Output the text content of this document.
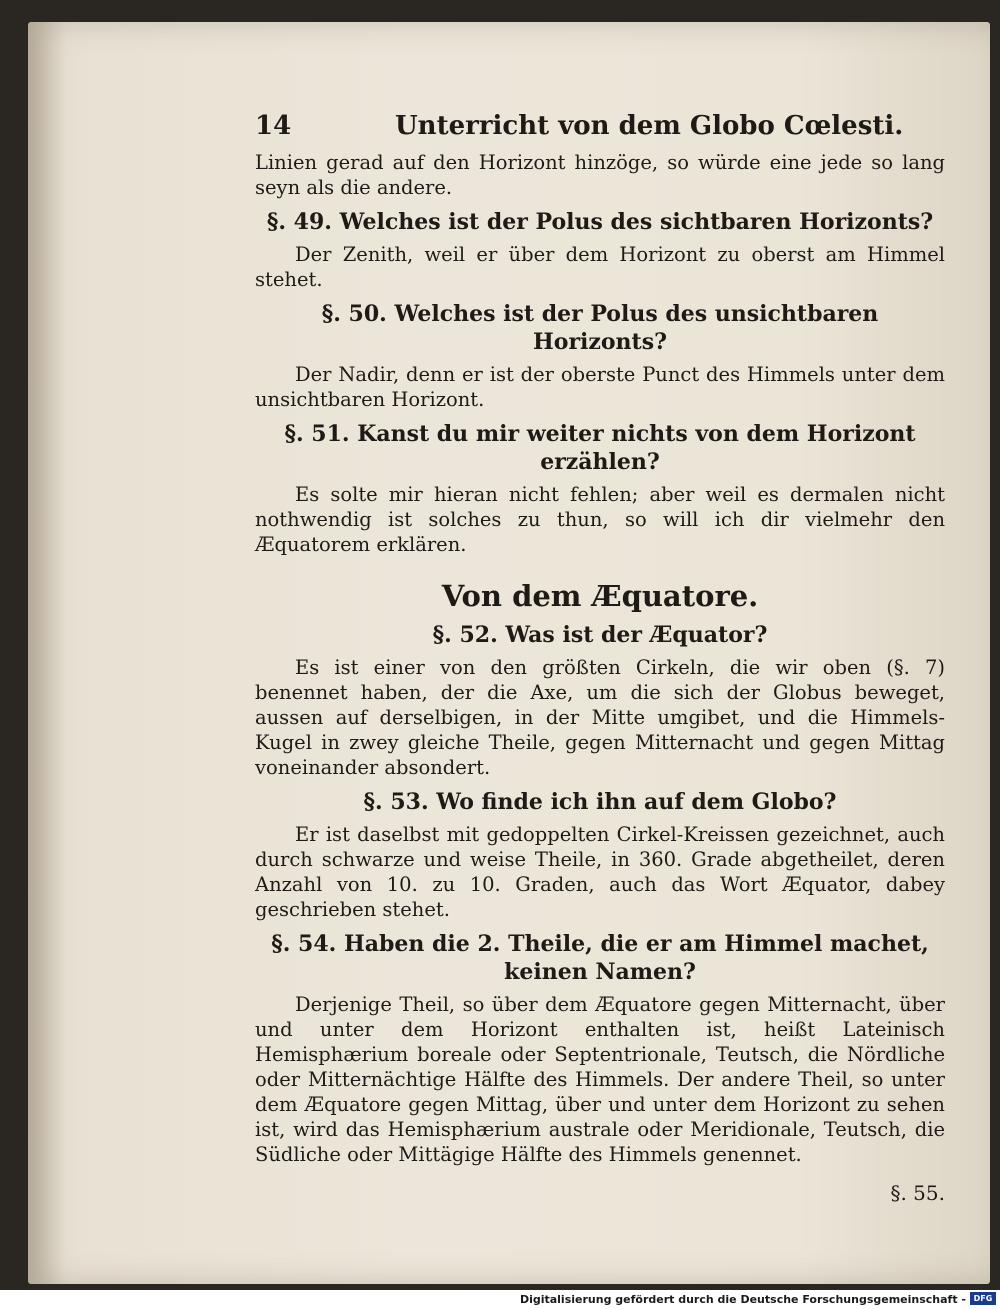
14	Unterricht von dem Globo Cœlesti.

Linien gerad auf den Horizont hinzöge, so würde eine jede so lang seyn als die andere.

§. 49. Welches ist der Polus des sichtbaren Horizonts?

Der Zenith, weil er über dem Horizont zu oberst am Himmel stehet.

§. 50. Welches ist der Polus des unsichtbaren Horizonts?

Der Nadir, denn er ist der oberste Punct des Himmels unter dem unsichtbaren Horizont.

§. 51. Kanst du mir weiter nichts von dem Horizont erzählen?

Es solte mir hieran nicht fehlen; aber weil es dermalen nicht nothwendig ist solches zu thun, so will ich dir vielmehr den Æquatorem erklären.

Von dem Æquatore.
§. 52. Was ist der Æquator?

Es ist einer von den größten Cirkeln, die wir oben (§. 7) benennet haben, der die Axe, um die sich der Globus beweget, aussen auf derselbigen, in der Mitte umgibet, und die Himmels-Kugel in zwey gleiche Theile, gegen Mitternacht und gegen Mittag voneinander absondert.

§. 53. Wo finde ich ihn auf dem Globo?

Er ist daselbst mit gedoppelten Cirkel-Kreissen gezeichnet, auch durch schwarze und weise Theile, in 360. Grade abgetheilet, deren Anzahl von 10. zu 10. Graden, auch das Wort Æquator, dabey geschrieben stehet.

§. 54. Haben die 2. Theile, die er am Himmel machet, keinen Namen?

Derjenige Theil, so über dem Æquatore gegen Mitternacht, über und unter dem Horizont enthalten ist, heißt Lateinisch Hemisphærium boreale oder Septentrionale, Teutsch, die Nördliche oder Mitternächtige Hälfte des Himmels. Der andere Theil, so unter dem Æquatore gegen Mittag, über und unter dem Horizont zu sehen ist, wird das Hemisphærium australe oder Meridionale, Teutsch, die Südliche oder Mittägige Hälfte des Himmels genennet.

§. 55.
Digitalisierung gefördert durch die Deutsche Forschungsgemeinschaft - DFG
